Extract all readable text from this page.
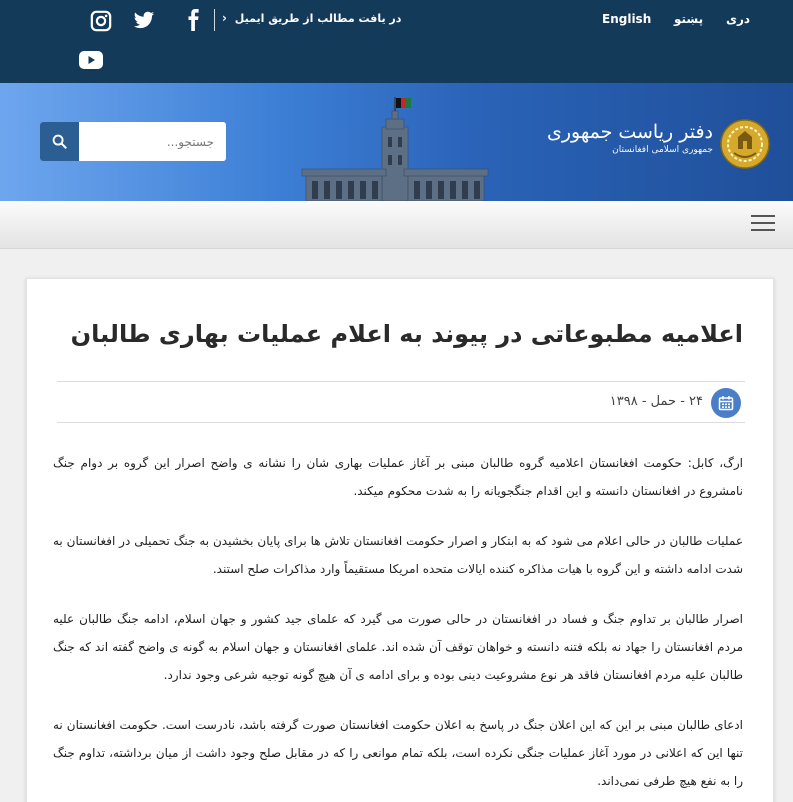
دری
پښتو
English
در یافت مطالب از طریق ایمیل ‹
جستجو...
دفتر ریاست جمهوری
جمهوری اسلامی افغانستان
اعلامیه مطبوعاتی در پیوند به اعلام عملیات بهاری طالبان
۲۴ - حمل - ۱۳۹۸

ارگ، کابل: حکومت افغانستان اعلامیه گروه طالبان مبنی بر آغاز عملیات بهاری شان را نشانه ی واضح اصرار این گروه بر دوام جنگ نامشروع در افغانستان دانسته و این اقدام جنگجویانه را به شدت محکوم میکند.

عملیات طالبان در حالی اعلام می شود که به ابتکار و اصرار حکومت افغانستان تلاش ها برای پایان بخشیدن به جنگ تحمیلی در افغانستان به شدت ادامه داشته و این گروه با هیات مذاکره کننده ایالات متحده امریکا مستقیماً وارد مذاکرات صلح استند.

اصرار طالبان بر تداوم جنگ و فساد در افغانستان در حالی صورت می گیرد که علمای جید کشور و جهان اسلام، ادامه جنگ طالبان علیه مردم افغانستان را جهاد نه بلکه فتنه دانسته و خواهان توقف آن شده اند. علمای افغانستان و جهان اسلام به گونه ی واضح گفته اند که جنگ طالبان علیه مردم افغانستان فاقد هر نوع مشروعیت دینی بوده و برای ادامه ی آن هیچ گونه توجیه شرعی وجود ندارد.

ادعای طالبان مبنی بر این که این اعلان جنگ در پاسخ به اعلان حکومت افغانستان صورت گرفته باشد، نادرست است. حکومت افغانستان نه تنها این که اعلانی در مورد آغاز عملیات جنگی نکرده است، بلکه تمام موانعی را که در مقابل صلح وجود داشت از میان برداشته، تداوم جنگ را به نفع هیچ طرفی نمی‌داند.
